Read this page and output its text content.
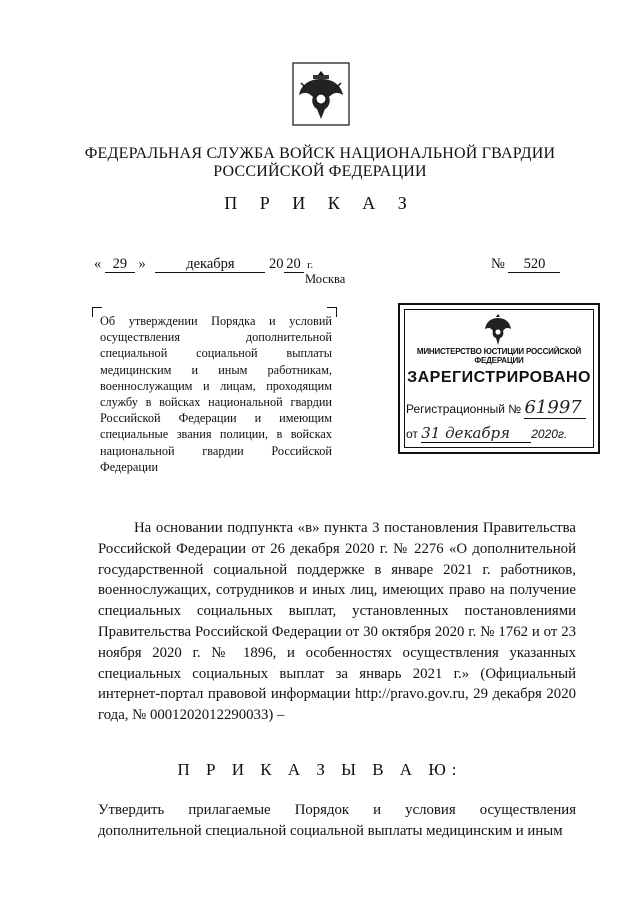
ФЕДЕРАЛЬНАЯ СЛУЖБА ВОЙСК НАЦИОНАЛЬНОЙ ГВАРДИИ
РОССИЙСКОЙ ФЕДЕРАЦИИ
П Р И К А З
« 29 »	декабря 20 20 г.	№ 520
Москва
Об утверждении Порядка и условий осуществления дополнительной специальной социальной выплаты медицинским и иным работникам, военнослужащим и лицам, проходящим службу в войсках национальной гвардии Российской Федерации и имеющим специальные звания полиции, в войсках национальной гвардии Российской Федерации
МИНИСТЕРСТВО ЮСТИЦИИ РОССИЙСКОЙ ФЕДЕРАЦИИ
ЗАРЕГИСТРИРОВАНО
Регистрационный № 61997
от 31 декабря 2020г.
На основании подпункта «в» пункта 3 постановления Правительства Российской Федерации от 26 декабря 2020 г. № 2276 «О дополнительной государственной социальной поддержке в январе 2021 г. работников, военнослужащих, сотрудников и иных лиц, имеющих право на получение специальных социальных выплат, установленных постановлениями Правительства Российской Федерации от 30 октября 2020 г. № 1762 и от 23 ноября 2020 г. № 1896, и особенностях осуществления указанных специальных социальных выплат за январь 2021 г.» (Официальный интернет-портал правовой информации http://pravo.gov.ru, 29 декабря 2020 года, № 0001202012290033) –
П Р И К А З Ы В А Ю:
Утвердить прилагаемые Порядок и условия осуществления дополнительной специальной социальной выплаты медицинским и иным
